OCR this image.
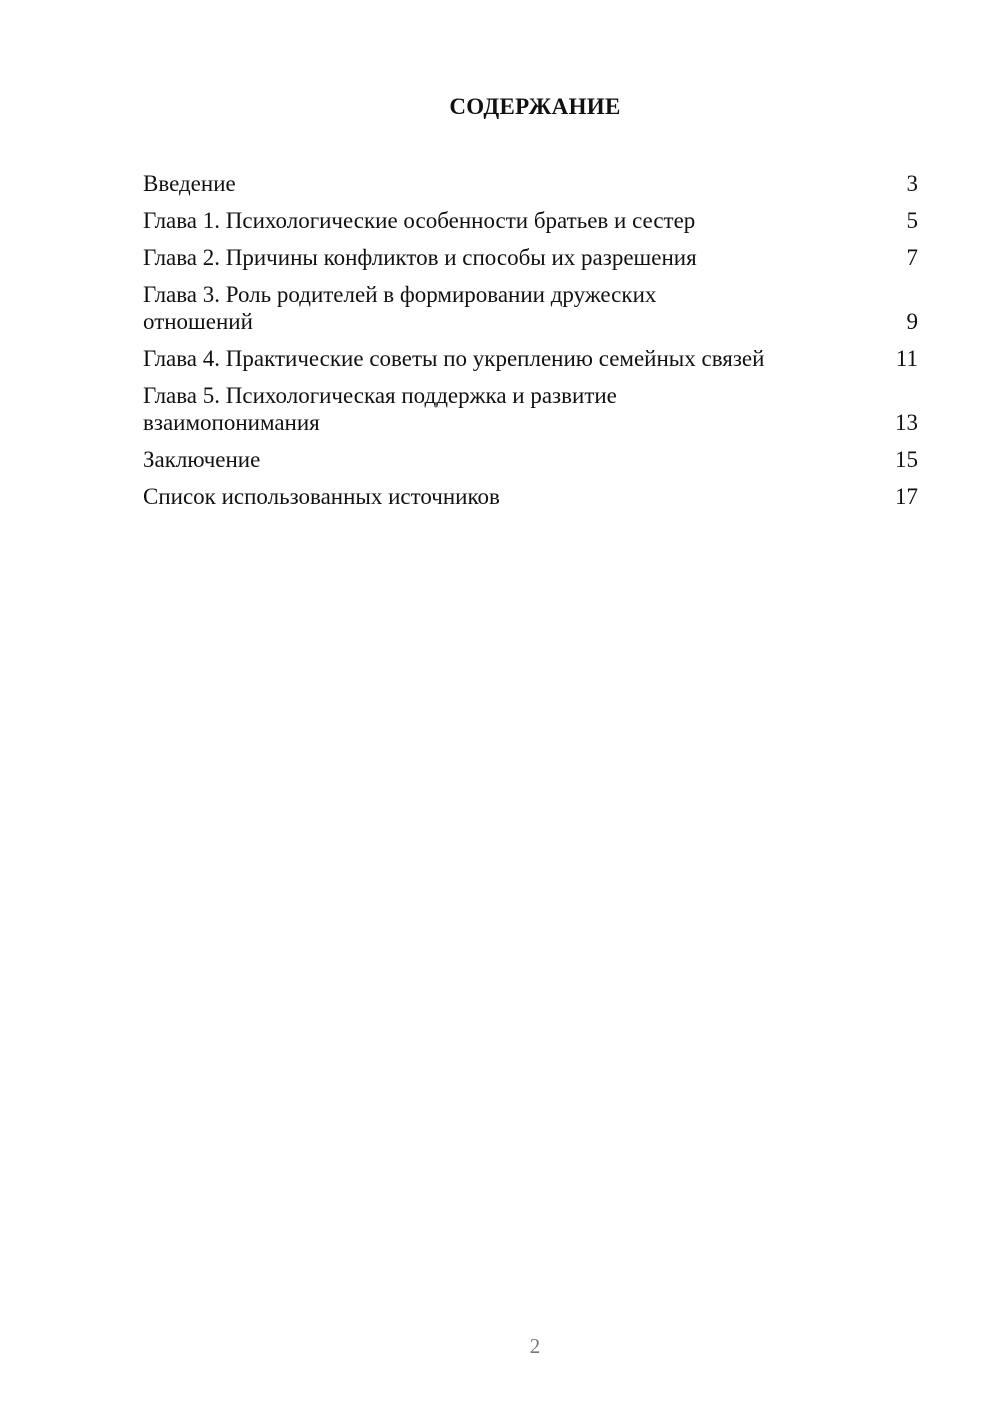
СОДЕРЖАНИЕ
Введение	3
Глава 1. Психологические особенности братьев и сестер	5
Глава 2. Причины конфликтов и способы их разрешения	7
Глава 3. Роль родителей в формировании дружеских отношений	9
Глава 4. Практические советы по укреплению семейных связей	11
Глава 5. Психологическая поддержка и развитие взаимопонимания	13
Заключение	15
Список использованных источников	17
2
